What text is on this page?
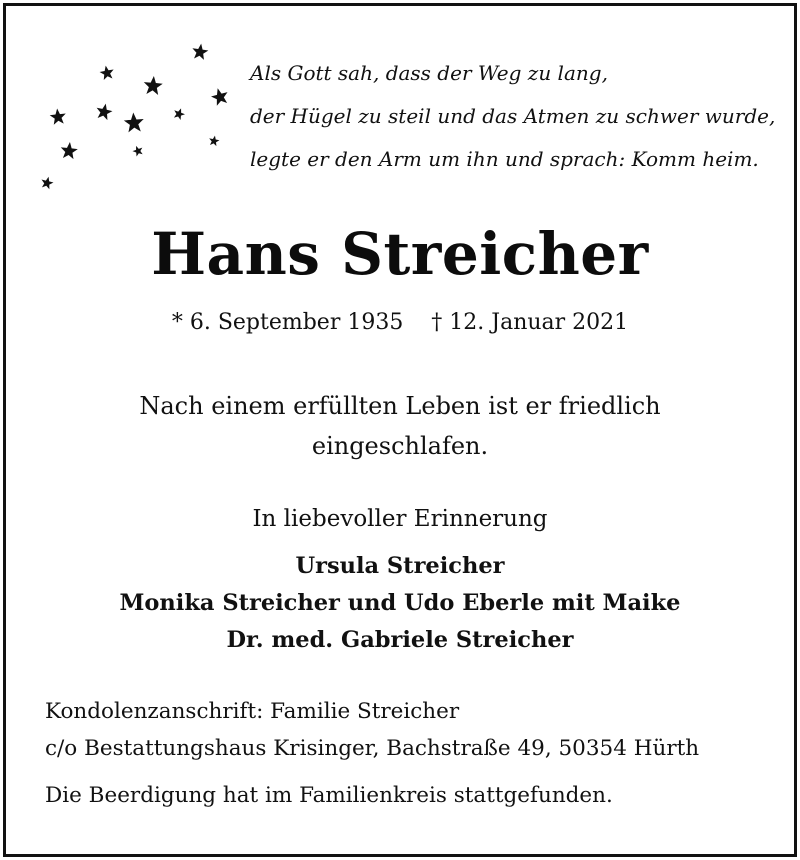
Als Gott sah, dass der Weg zu lang,
der Hügel zu steil und das Atmen zu schwer wurde,
legte er den Arm um ihn und sprach: Komm heim.
Hans Streicher
* 6. September 1935    † 12. Januar 2021
Nach einem erfüllten Leben ist er friedlich
eingeschlafen.
In liebevoller Erinnerung
Ursula Streicher
Monika Streicher und Udo Eberle mit Maike
Dr. med. Gabriele Streicher
Kondolenzanschrift: Familie Streicher
c/o Bestattungshaus Krisinger, Bachstraße 49, 50354 Hürth
Die Beerdigung hat im Familienkreis stattgefunden.
